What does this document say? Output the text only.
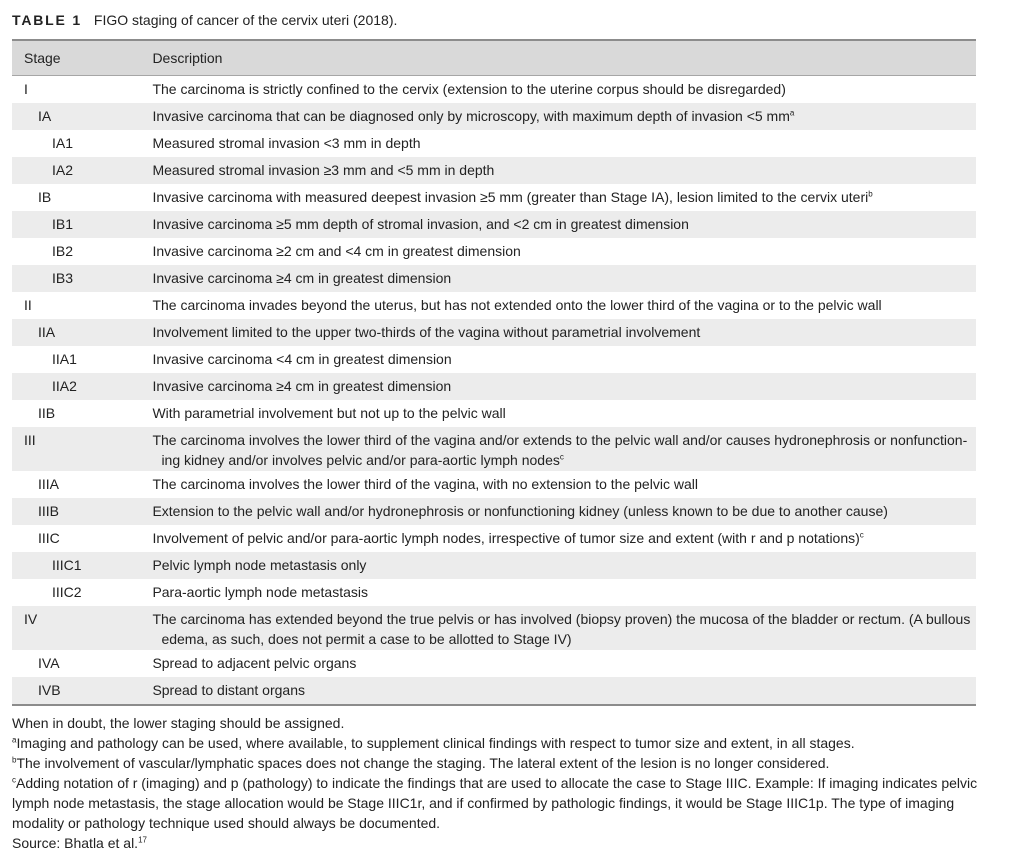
TABLE 1 FIGO staging of cancer of the cervix uteri (2018).
Stage	Description
I	The carcinoma is strictly confined to the cervix (extension to the uterine corpus should be disregarded)
IA	Invasive carcinoma that can be diagnosed only by microscopy, with maximum depth of invasion <5 $mm^a$
IA1	Measured stromal invasion <3 mm in depth
IA2	Measured stromal invasion ≥3 mm and <5 mm in depth
IB	Invasive carcinoma with measured deepest invasion ≥5 mm (greater than Stage IA), lesion limited to the cervix uteri$^b$
IB1	Invasive carcinoma ≥5 mm depth of stromal invasion, and <2 cm in greatest dimension
IB2	Invasive carcinoma ≥2 cm and <4 cm in greatest dimension
IB3	Invasive carcinoma ≥4 cm in greatest dimension
II	The carcinoma invades beyond the uterus, but has not extended onto the lower third of the vagina or to the pelvic wall
IIA	Involvement limited to the upper two-thirds of the vagina without parametrial involvement
IIA1	Invasive carcinoma <4 cm in greatest dimension
IIA2	Invasive carcinoma ≥4 cm in greatest dimension
IIB	With parametrial involvement but not up to the pelvic wall
III	The carcinoma involves the lower third of the vagina and/or extends to the pelvic wall and/or causes hydronephrosis or nonfunction-
ing kidney and/or involves pelvic and/or para-aortic lymph nodes$^c$
IIIA	The carcinoma involves the lower third of the vagina, with no extension to the pelvic wall
IIIB	Extension to the pelvic wall and/or hydronephrosis or nonfunctioning kidney (unless known to be due to another cause)
IIIC	Involvement of pelvic and/or para-aortic lymph nodes, irrespective of tumor size and extent (with r and p notations)$^c$
IIIC1	Pelvic lymph node metastasis only
IIIC2	Para-aortic lymph node metastasis
IV	The carcinoma has extended beyond the true pelvis or has involved (biopsy proven) the mucosa of the bladder or rectum. (A bullous
edema, as such, does not permit a case to be allotted to Stage IV)
IVA	Spread to adjacent pelvic organs
IVB	Spread to distant organs

When in doubt, the lower staging should be assigned.

$^a$Imaging and pathology can be used, where available, to supplement clinical findings with respect to tumor size and extent, in all stages.

$^b$The involvement of vascular/lymphatic spaces does not change the staging. The lateral extent of the lesion is no longer considered.

$^c$Adding notation of r (imaging) and p (pathology) to indicate the findings that are used to allocate the case to Stage IIIC. Example: If imaging indicates pelvic lymph node metastasis, the stage allocation would be Stage IIIC1r, and if confirmed by pathologic findings, it would be Stage IIIC1p. The type of imaging modality or pathology technique used should always be documented.

Source: Bhatla et al.$^{17}$
